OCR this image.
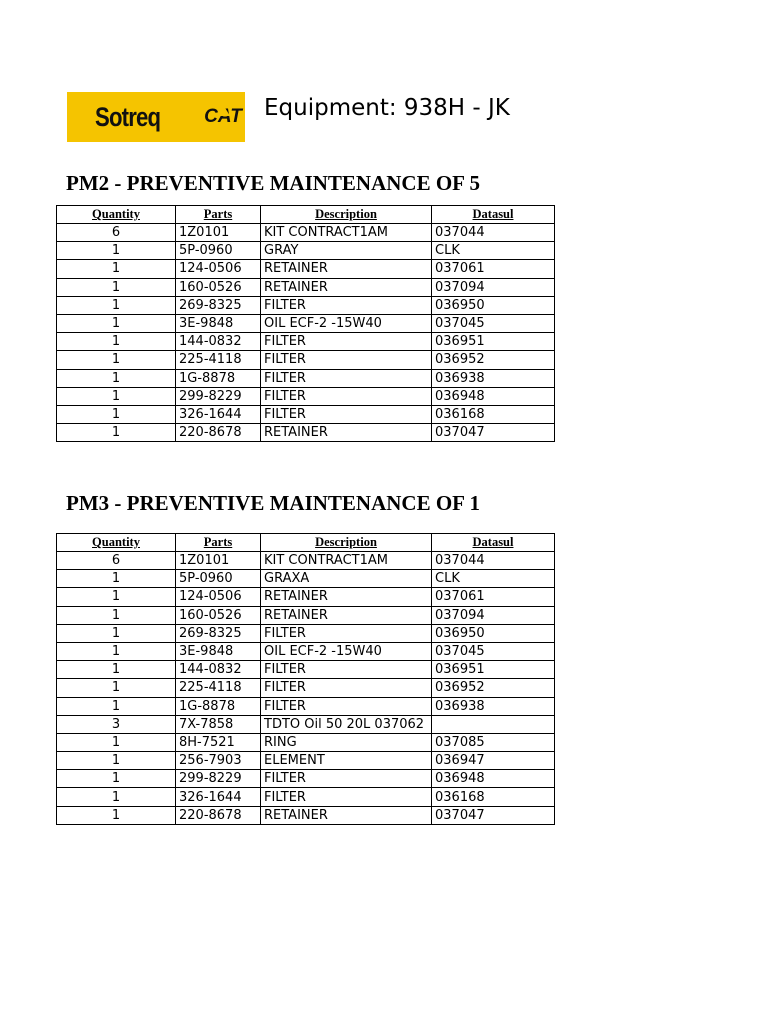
Sotreq	CAT Equipment: 938H - JK
PM2 - PREVENTIVE MAINTENANCE OF 5
Quantity	Parts	Description	Datasul
6	1Z0101	KIT CONTRACT1AM	037044
1	5P-0960	GRAY	CLK
1	124-0506	RETAINER	037061
1	160-0526	RETAINER	037094
1	269-8325	FILTER	036950
1	3E-9848	OIL ECF-2 -15W40	037045
1	144-0832	FILTER	036951
1	225-4118	FILTER	036952
1	1G-8878	FILTER	036938
1	299-8229	FILTER	036948
1	326-1644	FILTER	036168
1	220-8678	RETAINER	037047
PM3 - PREVENTIVE MAINTENANCE OF 1
Quantity	Parts	Description	Datasul
6	1Z0101	KIT CONTRACT1AM	037044
1	5P-0960	GRAXA	CLK
1	124-0506	RETAINER	037061
1	160-0526	RETAINER	037094
1	269-8325	FILTER	036950
1	3E-9848	OIL ECF-2 -15W40	037045
1	144-0832	FILTER	036951
1	225-4118	FILTER	036952
1	1G-8878	FILTER	036938
3	7X-7858	TDTO Oil 50 20L 037062	
1	8H-7521	RING	037085
1	256-7903	ELEMENT	036947
1	299-8229	FILTER	036948
1	326-1644	FILTER	036168
1	220-8678	RETAINER	037047
